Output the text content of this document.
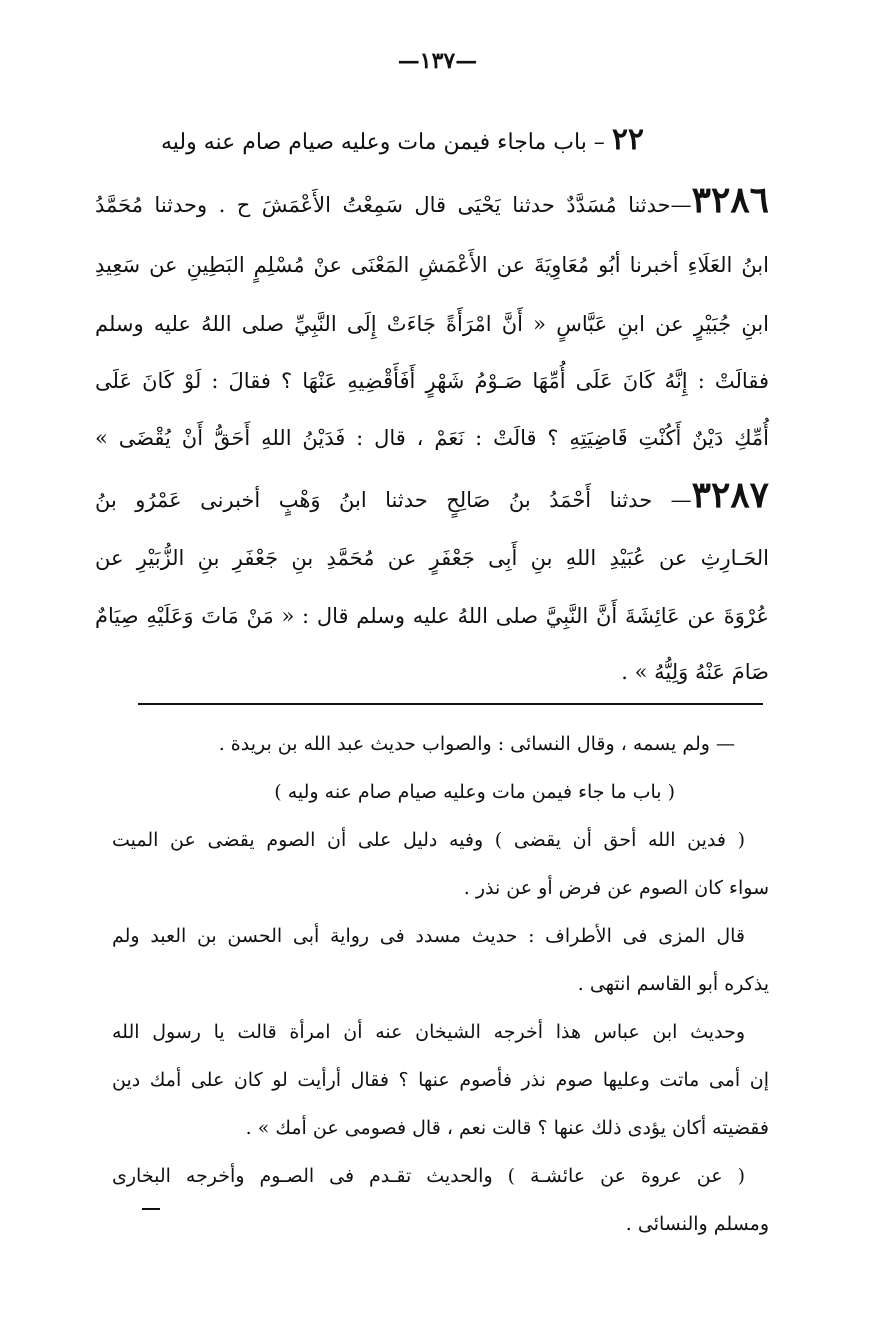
—١٣٧—
٢٢ – باب ماجاء فيمن مات وعليه صيام صام عنه وليه
٣٢٨٦—حدثنا مُسَدَّدٌ حدثنا يَحْيَى قال سَمِعْتُ الأَعْمَشَ ح . وحدثنا مُحَمَّدُ
ابنُ العَلَاءِ أخبرنا أبُو مُعَاوِيَةَ عن الأَعْمَشِ المَعْنَى عنْ مُسْلِمٍ البَطِينِ عن سَعِيدِ
ابنِ جُبَيْرٍ عن ابنِ عَبَّاسٍ « أَنَّ امْرَأَةً جَاءَتْ إِلَى النَّبِيِّ صلى اللهُ عليه وسلم
فقالَتْ : إِنَّهُ كَانَ عَلَى أُمِّهَا صَـوْمُ شَهْرٍ أَفَأَقْضِيهِ عَنْهَا ؟ فقالَ : لَوْ كَانَ عَلَى
أُمِّكِ دَيْنٌ أَكُنْتِ قَاضِيَتِهِ ؟ قالَتْ : نَعَمْ ، قال : فَدَيْنُ اللهِ أَحَقُّ أَنْ يُقْضَى »
٣٢٨٧— حدثنا أَحْمَدُ بنُ صَالِحٍ حدثنا ابنُ وَهْبٍ أخبرنى عَمْرُو بنُ
الحَـارِثِ عن عُبَيْدِ اللهِ بنِ أَبِى جَعْفَرٍ عن مُحَمَّدِ بنِ جَعْفَرِ بنِ الزُّبَيْرِ عن
عُرْوَةَ عن عَائِشَةَ أَنَّ النَّبِيَّ صلى اللهُ عليه وسلم قال : « مَنْ مَاتَ وَعَلَيْهِ صِيَامٌ
صَامَ عَنْهُ وَلِيُّهُ » .
— ولم يسمه ، وقال النسائى : والصواب حديث عبد الله بن بريدة .
( باب ما جاء فيمن مات وعليه صيام صام عنه وليه )
( فدين الله أحق أن يقضى ) وفيه دليل على أن الصوم يقضى عن الميت
سواء كان الصوم عن فرض أو عن نذر .
قال المزى فى الأطراف : حديث مسدد فى رواية أبى الحسن بن العبد ولم
يذكره أبو القاسم انتهى .
وحديث ابن عباس هذا أخرجه الشيخان عنه أن امرأة قالت يا رسول الله
إن أمى ماتت وعليها صوم نذر فأصوم عنها ؟ فقال أرأيت لو كان على أمك دين
فقضيته أكان يؤدى ذلك عنها ؟ قالت نعم ، قال فصومى عن أمك » .
( عن عروة عن عائشـة ) والحديث تقـدم فى الصـوم وأخرجه البخارى
ومسلم والنسائى .
